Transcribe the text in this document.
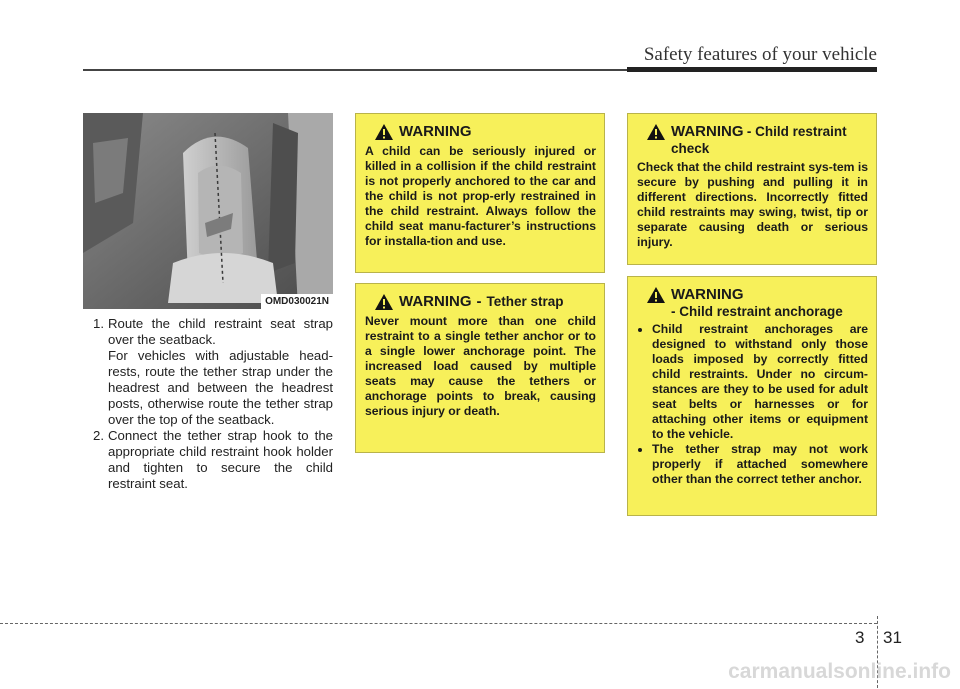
Safety features of your vehicle
OMD030021N
1. Route the child restraint seat strap over the seatback.
For vehicles with adjustable head-rests, route the tether strap under the headrest and between the headrest posts, otherwise route the tether strap over the top of the seatback.
2. Connect the tether strap hook to the appropriate child restraint hook holder and tighten to secure the child restraint seat.
WARNING
A child can be seriously injured or killed in a collision if the child restraint is not properly anchored to the car and the child is not prop-erly restrained in the child restraint. Always follow the child seat manu-facturer’s instructions for installa-tion and use.
WARNING - Tether strap
Never mount more than one child restraint to a single tether anchor or to a single lower anchorage point. The increased load caused by multiple seats may cause the tethers or anchorage points to break, causing serious injury or death.
WARNING - Child restraint check
Check that the child restraint sys-tem is secure by pushing and pulling it in different directions. Incorrectly fitted child restraints may swing, twist, tip or separate causing death or serious injury.
WARNING
- Child restraint anchorage
• Child restraint anchorages are designed to withstand only those loads imposed by correctly fitted child restraints. Under no circum-stances are they to be used for adult seat belts or harnesses or for attaching other items or equipment to the vehicle.
• The tether strap may not work properly if attached somewhere other than the correct tether anchor.
3 31
carmanualsonline.info
